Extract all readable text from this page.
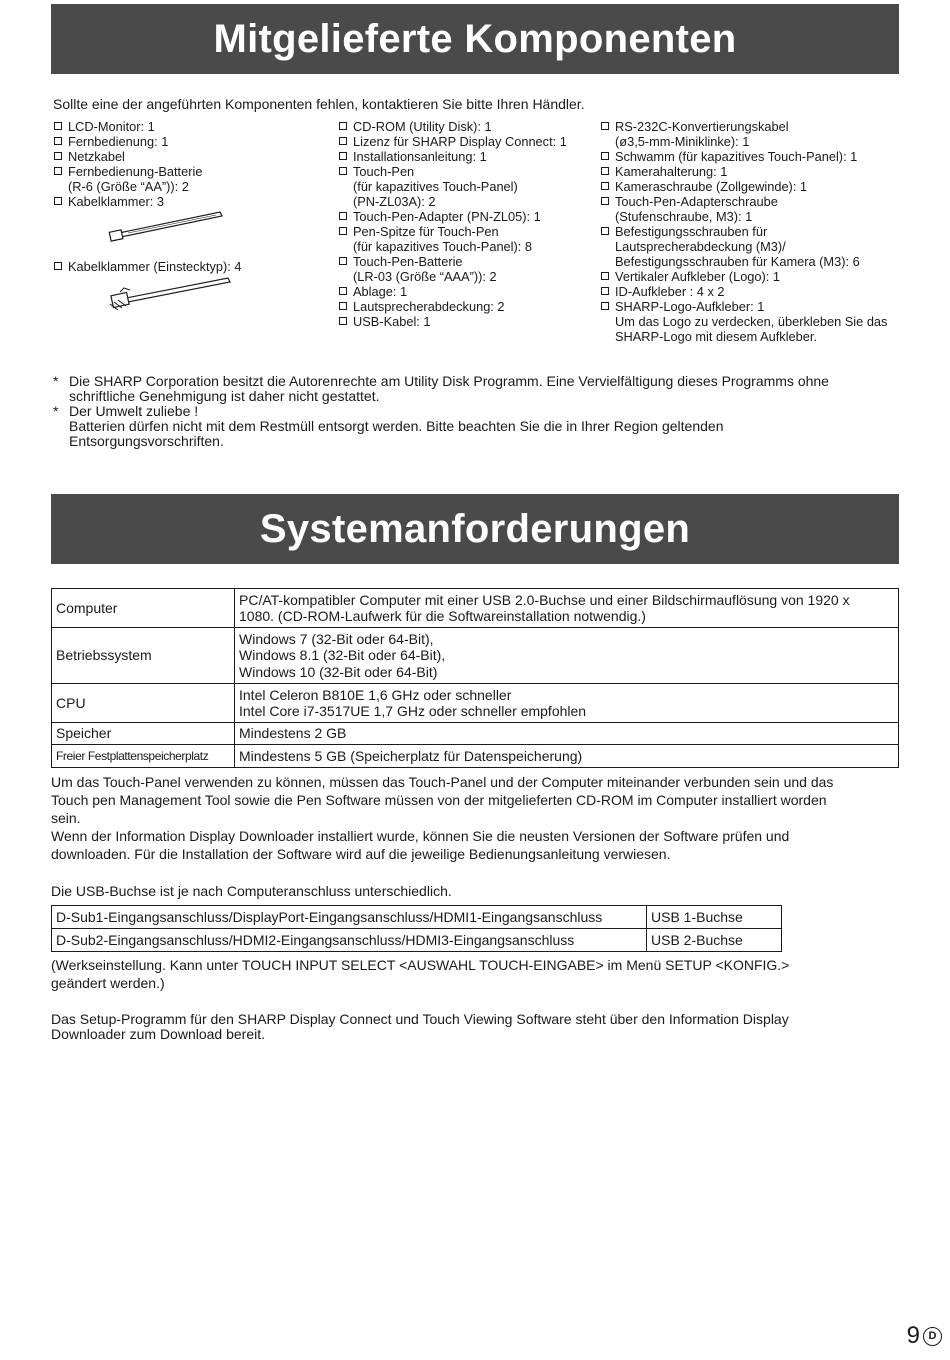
Mitgelieferte Komponenten
Sollte eine der angeführten Komponenten fehlen, kontaktieren Sie bitte Ihren Händler.
LCD-Monitor: 1
Fernbedienung: 1
Netzkabel
Fernbedienung-Batterie
(R-6 (Größe “AA”)): 2
Kabelklammer: 3
Kabelklammer (Einstecktyp): 4
CD-ROM (Utility Disk): 1
Lizenz für SHARP Display Connect: 1
Installationsanleitung: 1
Touch-Pen
(für kapazitives Touch-Panel)
(PN-ZL03A): 2
Touch-Pen-Adapter (PN-ZL05): 1
Pen-Spitze für Touch-Pen
(für kapazitives Touch-Panel): 8
Touch-Pen-Batterie
(LR-03 (Größe “AAA”)): 2
Ablage: 1
Lautsprecherabdeckung: 2
USB-Kabel: 1
RS-232C-Konvertierungskabel
(ø3,5-mm-Miniklinke): 1
Schwamm (für kapazitives Touch-Panel): 1
Kamerahalterung: 1
Kameraschraube (Zollgewinde): 1
Touch-Pen-Adapterschraube
(Stufenschraube, M3): 1
Befestigungsschrauben für
Lautsprecherabdeckung (M3)/
Befestigungsschrauben für Kamera (M3): 6
Vertikaler Aufkleber (Logo): 1
ID-Aufkleber : 4 x 2
SHARP-Logo-Aufkleber: 1
Um das Logo zu verdecken, überkleben Sie das
SHARP-Logo mit diesem Aufkleber.
* Die SHARP Corporation besitzt die Autorenrechte am Utility Disk Programm. Eine Vervielfältigung dieses Programms ohne
schriftliche Genehmigung ist daher nicht gestattet.
* Der Umwelt zuliebe !
Batterien dürfen nicht mit dem Restmüll entsorgt werden. Bitte beachten Sie die in Ihrer Region geltenden
Entsorgungsvorschriften.
Systemanforderungen
Computer	PC/AT-kompatibler Computer mit einer USB 2.0-Buchse und einer Bildschirmauflösung von 1920 x
1080. (CD-ROM-Laufwerk für die Softwareinstallation notwendig.)
Betriebssystem	Windows 7 (32-Bit oder 64-Bit),
Windows 8.1 (32-Bit oder 64-Bit),
Windows 10 (32-Bit oder 64-Bit)
CPU	Intel Celeron B810E 1,6 GHz oder schneller
Intel Core i7-3517UE 1,7 GHz oder schneller empfohlen
Speicher	Mindestens 2 GB
Freier Festplattenspeicherplatz	Mindestens 5 GB (Speicherplatz für Datenspeicherung)
Um das Touch-Panel verwenden zu können, müssen das Touch-Panel und der Computer miteinander verbunden sein und das
Touch pen Management Tool sowie die Pen Software müssen von der mitgelieferten CD-ROM im Computer installiert worden
sein.
Wenn der Information Display Downloader installiert wurde, können Sie die neusten Versionen der Software prüfen und
downloaden. Für die Installation der Software wird auf die jeweilige Bedienungsanleitung verwiesen.
Die USB-Buchse ist je nach Computeranschluss unterschiedlich.
D-Sub1-Eingangsanschluss/DisplayPort-Eingangsanschluss/HDMI1-Eingangsanschluss	USB 1-Buchse
D-Sub2-Eingangsanschluss/HDMI2-Eingangsanschluss/HDMI3-Eingangsanschluss	USB 2-Buchse
(Werkseinstellung. Kann unter TOUCH INPUT SELECT <AUSWAHL TOUCH-EINGABE> im Menü SETUP <KONFIG.>
geändert werden.)
Das Setup-Programm für den SHARP Display Connect und Touch Viewing Software steht über den Information Display
Downloader zum Download bereit.
9 D
